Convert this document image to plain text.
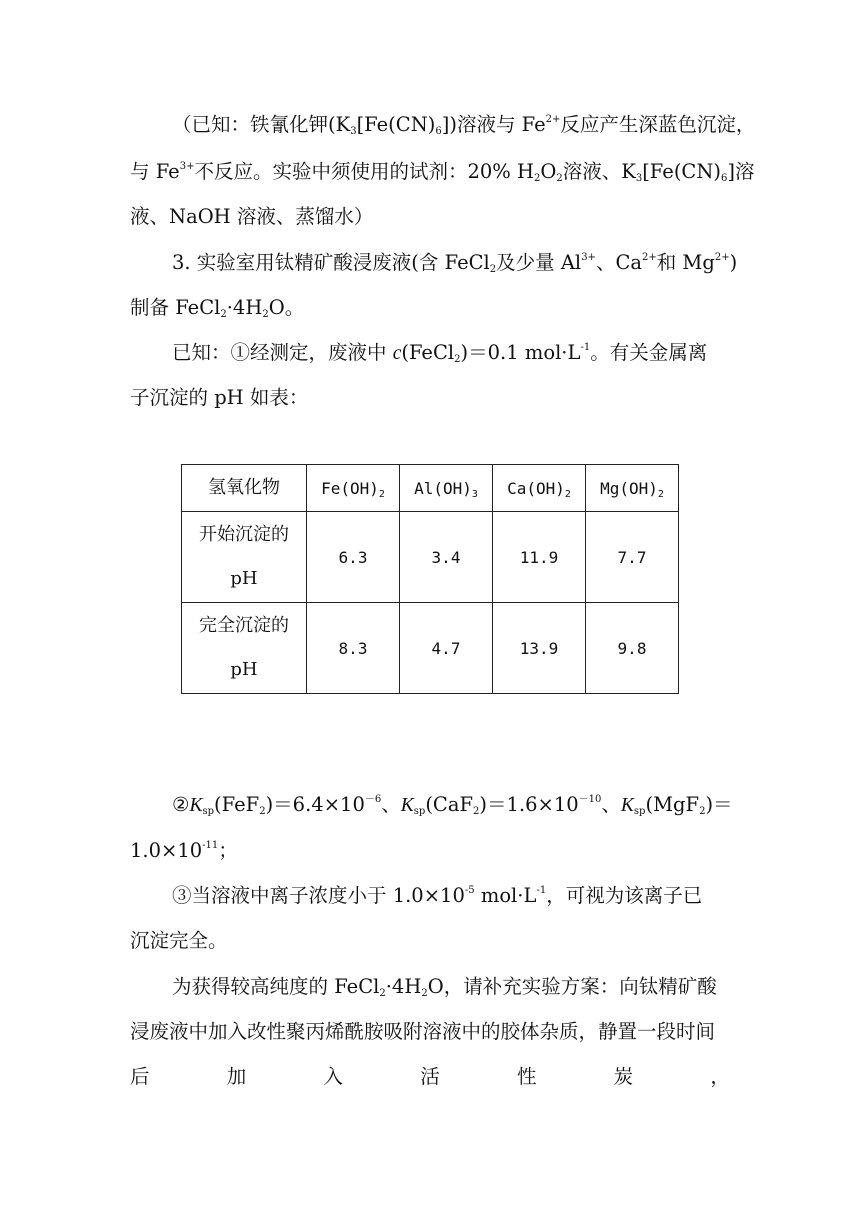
（已知：铁氰化钾$(K_3[Fe(CN)_6])$溶液与 $Fe^{2+}$反应产生深蓝色沉淀，
与 $Fe^{3+}$不反应。实验中须使用的试剂：20% $H_2O_2$溶液、$K_3[Fe(CN)_6]$溶
液、NaOH 溶液、蒸馏水）
3. 实验室用钛精矿酸浸废液(含 FeCl$_2$及少量 $Al^{3+}$、$Ca^{2+}$和 $Mg^{2+}$)
制备 $FeCl_2\cdot 4H_2O$。
已知：①经测定，废液中 c(FeCl$_2$)＝0.1 $mol\cdot L^{-1}$。有关金属离
子沉淀的 pH 如表：
氢氧化物	$Fe(OH)_2$	$Al(OH)_3$	$Ca(OH)_2$	$Mg(OH)_2$

开始沉淀的
pH	6.3	3.4	11.9	7.7

完全沉淀的
pH	8.3	4.7	13.9	9.8
$②K_{sp}(FeF_2)=6.4\times 10^{-6}$、 $K_{sp}(CaF_2)=1.6\times 10^{-10}$、 $K_{sp}(MgF_2)=$
$1.0\times 10^{-11}$；
③当溶液中离子浓度小于 $1.0\times 10^{-5}$ $mol\cdot L^{-1}$，可视为该离子已
沉淀完全。
为获得较高纯度的 $FeCl_2\cdot 4H_2O$，请补充实验方案：向钛精矿酸
浸废液中加入改性聚丙烯酰胺吸附溶液中的胶体杂质，静置一段时间
后	加	入	活	性	炭	，
